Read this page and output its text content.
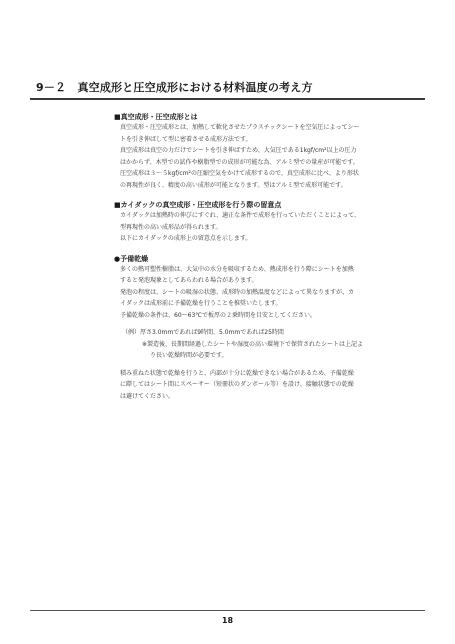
9－２　真空成形と圧空成形における材料温度の考え方
■真空成形・圧空成形とは
真空成形・圧空成形とは、加熱して軟化させたプラスチックシートを空気圧によってシー
トを引き伸ばして型に密着させる成形方法です。
真空成形は真空の力だけでシートを引き伸ばすため、大気圧である1kgf/cm²以上の圧力
はかからず、木型での試作や樹脂型での成形が可能な為、アルミ型での量産が可能です。
圧空成形は３～５kgf/cm²の圧縮空気をかけて成形するので、真空成形に比べ、より形状
の再現性が良く、精度の高い成形が可能となります。型はアルミ型で成形可能です。
■カイダックの真空成形・圧空成形を行う際の留意点
カイダックは加熱時の伸びにすぐれ、適正な条件で成形を行っていただくことによって、
型再現性の高い成形品が得られます。
以下にカイダックの成形上の留意点を示します。
●予備乾燥
多くの熱可塑性樹脂は、大気中の水分を吸収するため、熱成形を行う際にシートを加熱
すると発泡現象としてあらわれる場合があります。
発泡の程度は、シートの吸湿の状態、成形時の加熱温度などによって異なりますが、カ
イダックは成形前に予備乾燥を行うことを推奨いたします。
予備乾燥の条件は、60～63℃で板厚の２乗時間を目安としてください。
（例）厚さ3.0mmであれば9時間、5.0mmであれば25時間
※製造後、長期間経過したシートや湿度の高い環境下で保管されたシートは上記よ
り長い乾燥時間が必要です。
積み重ねた状態で乾燥を行うと、内部が十分に乾燥できない場合があるため、予備乾燥
に際してはシート間にスペーサー（短冊状のダンボール等）を設け、接触状態での乾燥
は避けてください。
18
